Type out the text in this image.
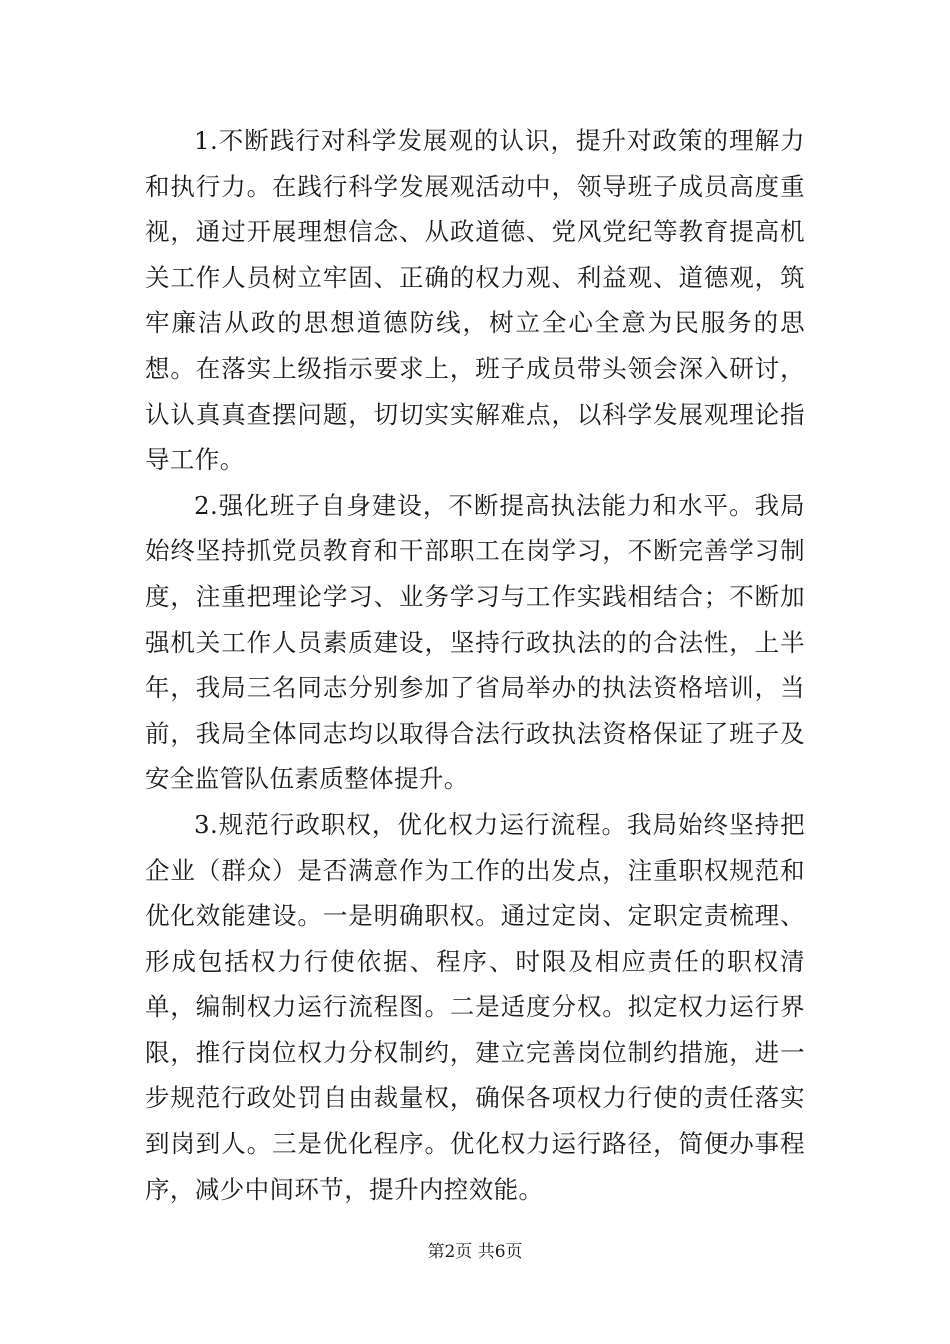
1.不断践行对科学发展观的认识，提升对政策的理解力和执行力。在践行科学发展观活动中，领导班子成员高度重视，通过开展理想信念、从政道德、党风党纪等教育提高机关工作人员树立牢固、正确的权力观、利益观、道德观，筑牢廉洁从政的思想道德防线，树立全心全意为民服务的思想。在落实上级指示要求上，班子成员带头领会深入研讨，认认真真查摆问题，切切实实解难点，以科学发展观理论指导工作。

2.强化班子自身建设，不断提高执法能力和水平。我局始终坚持抓党员教育和干部职工在岗学习，不断完善学习制度，注重把理论学习、业务学习与工作实践相结合；不断加强机关工作人员素质建设，坚持行政执法的的合法性，上半年，我局三名同志分别参加了省局举办的执法资格培训，当前，我局全体同志均以取得合法行政执法资格保证了班子及安全监管队伍素质整体提升。

3.规范行政职权，优化权力运行流程。我局始终坚持把企业（群众）是否满意作为工作的出发点，注重职权规范和优化效能建设。一是明确职权。通过定岗、定职定责梳理、形成包括权力行使依据、程序、时限及相应责任的职权清单，编制权力运行流程图。二是适度分权。拟定权力运行界限，推行岗位权力分权制约，建立完善岗位制约措施，进一步规范行政处罚自由裁量权，确保各项权力行使的责任落实到岗到人。三是优化程序。优化权力运行路径，简便办事程序，减少中间环节，提升内控效能。

第2页 共6页
